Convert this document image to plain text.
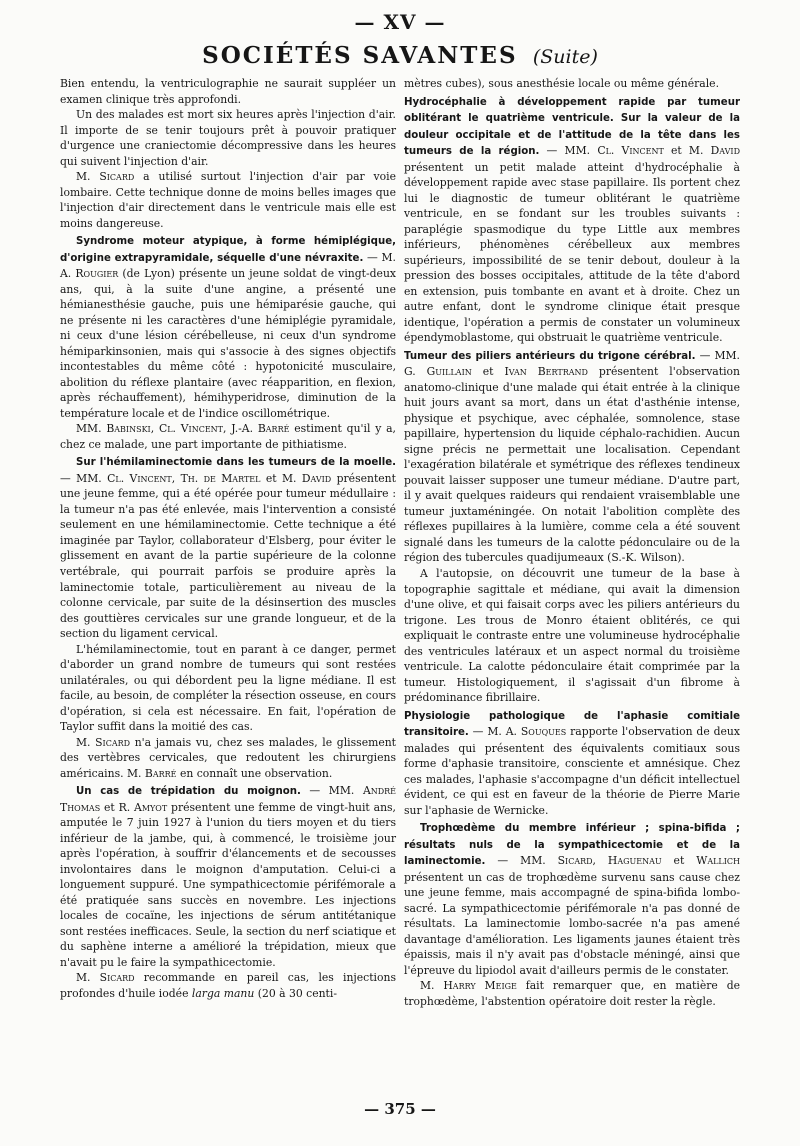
— XV —
SOCIÉTÉS SAVANTES (Suite)

Bien entendu, la ventriculographie ne saurait suppléer un examen clinique très approfondi.

Un des malades est mort six heures après l'injection d'air. Il importe de se tenir toujours prêt à pouvoir pratiquer d'urgence une craniectomie décompressive dans les heures qui suivent l'injection d'air.

M. Sicard a utilisé surtout l'injection d'air par voie lombaire. Cette technique donne de moins belles images que l'injection d'air directement dans le ventricule mais elle est moins dangereuse.

Syndrome moteur atypique, à forme hémiplégique, d'origine extrapyramidale, séquelle d'une névraxite. — M. A. Rougier (de Lyon) présente un jeune soldat de vingt-deux ans, qui, à la suite d'une angine, a présenté une hémianesthésie gauche, puis une hémiparésie gauche, qui ne présente ni les caractères d'une hémiplégie pyramidale, ni ceux d'une lésion cérébelleuse, ni ceux d'un syndrome hémiparkinsonien, mais qui s'associe à des signes objectifs incontestables du même côté : hypotonicité musculaire, abolition du réflexe plantaire (avec réapparition, en flexion, après réchauffement), hémihyperidrose, diminution de la température locale et de l'indice oscillométrique.

MM. Babinski, Cl. Vincent, J.-A. Barré estiment qu'il y a, chez ce malade, une part importante de pithiatisme.

Sur l'hémilaminectomie dans les tumeurs de la moelle. — MM. Cl. Vincent, Th. de Martel et M. David présentent une jeune femme, qui a été opérée pour tumeur médullaire : la tumeur n'a pas été enlevée, mais l'intervention a consisté seulement en une hémilaminectomie. Cette technique a été imaginée par Taylor, collaborateur d'Elsberg, pour éviter le glissement en avant de la partie supérieure de la colonne vertébrale, qui pourrait parfois se produire après la laminectomie totale, particulièrement au niveau de la colonne cervicale, par suite de la désinsertion des muscles des gouttières cervicales sur une grande longueur, et de la section du ligament cervical.

L'hémilaminectomie, tout en parant à ce danger, permet d'aborder un grand nombre de tumeurs qui sont restées unilatérales, ou qui débordent peu la ligne médiane. Il est facile, au besoin, de compléter la résection osseuse, en cours d'opération, si cela est nécessaire. En fait, l'opération de Taylor suffit dans la moitié des cas.

M. Sicard n'a jamais vu, chez ses malades, le glissement des vertèbres cervicales, que redoutent les chirurgiens américains. M. Barré en connaît une observation.

Un cas de trépidation du moignon. — MM. André Thomas et R. Amyot présentent une femme de vingt-huit ans, amputée le 7 juin 1927 à l'union du tiers moyen et du tiers inférieur de la jambe, qui, à commencé, le troisième jour après l'opération, à souffrir d'élancements et de secousses involontaires dans le moignon d'amputation. Celui-ci a longuement suppuré. Une sympathicectomie périfémorale a été pratiquée sans succès en novembre. Les injections locales de cocaïne, les injections de sérum antitétanique sont restées inefficaces. Seule, la section du nerf sciatique et du saphène interne a amélioré la trépidation, mieux que n'avait pu le faire la sympathicectomie.

M. Sicard recommande en pareil cas, les injections profondes d'huile iodée larga manu (20 à 30 centi-

mètres cubes), sous anesthésie locale ou même générale.

Hydrocéphalie à développement rapide par tumeur oblitérant le quatrième ventricule. Sur la valeur de la douleur occipitale et de l'attitude de la tête dans les tumeurs de la région. — MM. Cl. Vincent et M. David présentent un petit malade atteint d'hydrocéphalie à développement rapide avec stase papillaire. Ils portent chez lui le diagnostic de tumeur oblitérant le quatrième ventricule, en se fondant sur les troubles suivants : paraplégie spasmodique du type Little aux membres inférieurs, phénomènes cérébelleux aux membres supérieurs, impossibilité de se tenir debout, douleur à la pression des bosses occipitales, attitude de la tête d'abord en extension, puis tombante en avant et à droite. Chez un autre enfant, dont le syndrome clinique était presque identique, l'opération a permis de constater un volumineux épendymoblastome, qui obstruait le quatrième ventricule.

Tumeur des piliers antérieurs du trigone cérébral. — MM. G. Guillain et Ivan Bertrand présentent l'observation anatomo-clinique d'une malade qui était entrée à la clinique huit jours avant sa mort, dans un état d'asthénie intense, physique et psychique, avec céphalée, somnolence, stase papillaire, hypertension du liquide céphalo-rachidien. Aucun signe précis ne permettait une localisation. Cependant l'exagération bilatérale et symétrique des réflexes tendineux pouvait laisser supposer une tumeur médiane. D'autre part, il y avait quelques raideurs qui rendaient vraisemblable une tumeur juxtaméningée. On notait l'abolition complète des réflexes pupillaires à la lumière, comme cela a été souvent signalé dans les tumeurs de la calotte pédonculaire ou de la région des tubercules quadijumeaux (S.-K. Wilson).

A l'autopsie, on découvrit une tumeur de la base à topographie sagittale et médiane, qui avait la dimension d'une olive, et qui faisait corps avec les piliers antérieurs du trigone. Les trous de Monro étaient oblitérés, ce qui expliquait le contraste entre une volumineuse hydrocéphalie des ventricules latéraux et un aspect normal du troisième ventricule. La calotte pédonculaire était comprimée par la tumeur. Histologiquement, il s'agissait d'un fibrome à prédominance fibrillaire.

Physiologie pathologique de l'aphasie comitiale transitoire. — M. A. Souques rapporte l'observation de deux malades qui présentent des équivalents comitiaux sous forme d'aphasie transitoire, consciente et amnésique. Chez ces malades, l'aphasie s'accompagne d'un déficit intellectuel évident, ce qui est en faveur de la théorie de Pierre Marie sur l'aphasie de Wernicke.

Trophœdème du membre inférieur ; spina-bifida ; résultats nuls de la sympathicectomie et de la laminectomie. — MM. Sicard, Haguenau et Wallich présentent un cas de trophœdème survenu sans cause chez une jeune femme, mais accompagné de spina-bifida lombo-sacré. La sympathicectomie périfémorale n'a pas donné de résultats. La laminectomie lombo-sacrée n'a pas amené davantage d'amélioration. Les ligaments jaunes étaient très épaissis, mais il n'y avait pas d'obstacle méningé, ainsi que l'épreuve du lipiodol avait d'ailleurs permis de le constater.

M. Harry Meige fait remarquer que, en matière de trophœdème, l'abstention opératoire doit rester la règle.

— 375 —
